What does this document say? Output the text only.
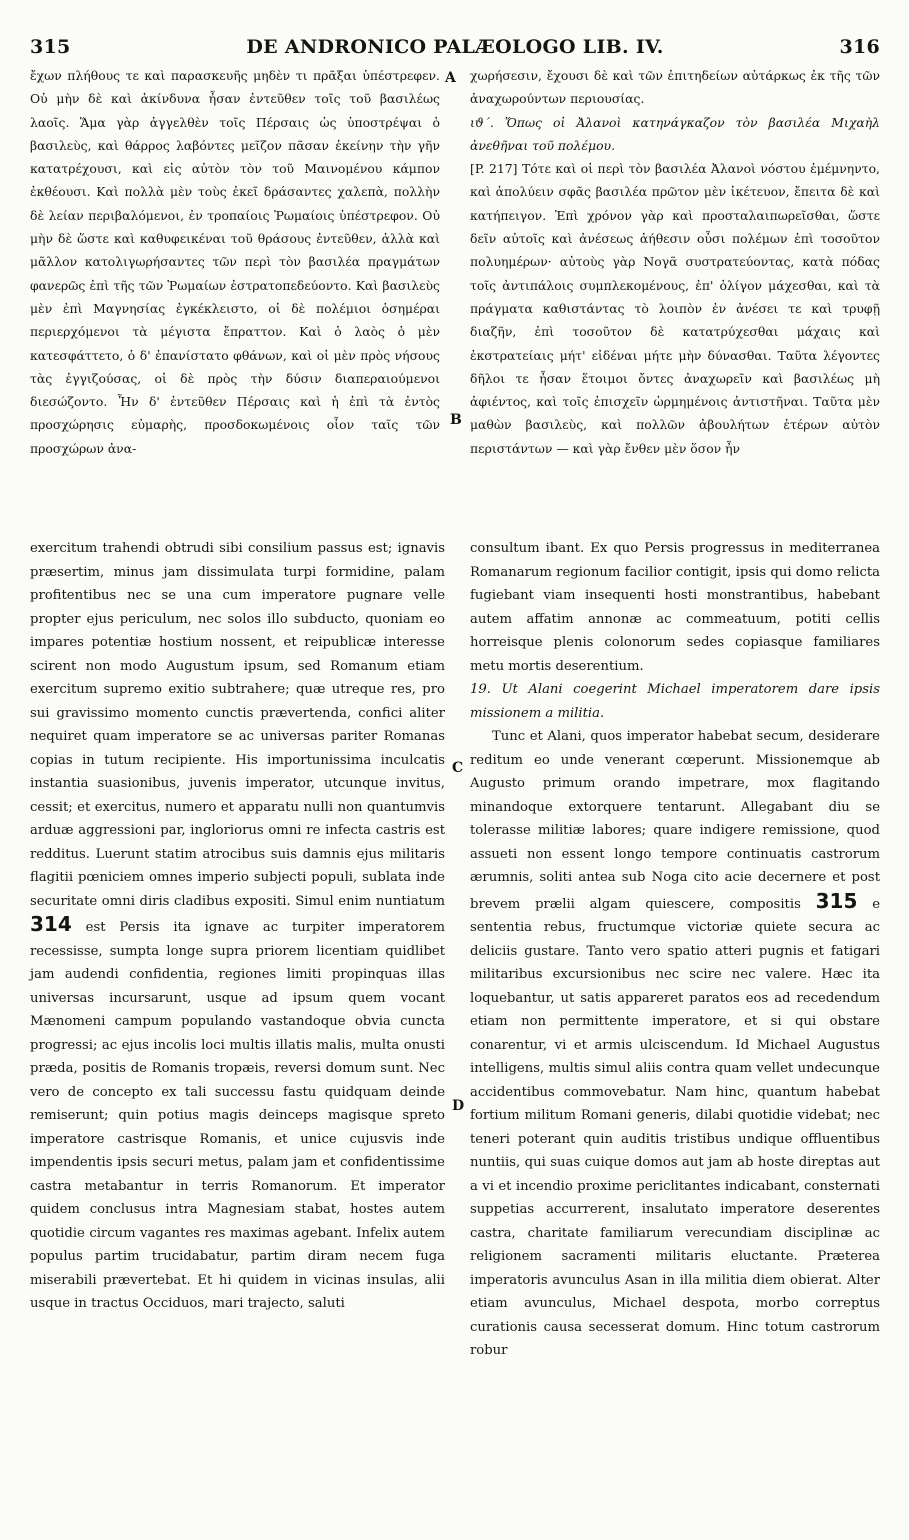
315	DE ANDRONICO PALÆOLOGO LIB. IV.	316

ἔχων πλήθους τε καὶ παρασκευῆς μηδὲν τι πρᾶξαι ὑπέστρεφεν. Οὐ μὴν δὲ καὶ ἀκίνδυνα ἦσαν ἐντεῦθεν τοῖς τοῦ βασιλέως λαοῖς. Ἅμα γὰρ ἀγγελθὲν τοῖς Πέρσαις ὡς ὑποστρέψαι ὁ βασιλεὺς, καὶ θάρρος λαβόντες μεῖζον πᾶσαν ἐκείνην τὴν γῆν κατατρέχουσι, καὶ εἰς αὐτὸν τὸν τοῦ Μαινομένου κάμπον ἐκθέουσι. Καὶ πολλὰ μὲν τοὺς ἐκεῖ δράσαντες χαλεπὰ, πολλὴν δὲ λείαν περιβαλόμενοι, ἐν τροπαίοις Ῥωμαίοις ὑπέστρεφον. Οὐ μὴν δὲ ὥστε καὶ καθυφεικέναι τοῦ θράσους ἐντεῦθεν, ἀλλὰ καὶ μᾶλλον κατολιγωρήσαντες τῶν περὶ τὸν βασιλέα πραγμάτων φανερῶς ἐπὶ τῆς τῶν Ῥωμαίων ἐστρατοπεδεύοντο. Καὶ βασιλεὺς μὲν ἐπὶ Μαγνησίας ἐγκέκλειστο, οἱ δὲ πολέμιοι ὁσημέραι περιερχόμενοι τὰ μέγιστα ἔπραττον. Καὶ ὁ λαὸς ὁ μὲν κατεσφάττετο, ὁ δ' ἐπανίστατο φθάνων, καὶ οἱ μὲν πρὸς νήσους τὰς ἐγγιζούσας, οἱ δὲ πρὸς τὴν δύσιν διαπεραιούμενοι διεσώζοντο. Ἦν δ' ἐντεῦθεν Πέρσαις καὶ ἡ ἐπὶ τὰ ἐντὸς προσχώρησις εὐμαρὴς, προσδοκωμένοις οἷον ταῖς τῶν προσχώρων ἀνα-

χωρήσεσιν, ἔχουσι δὲ καὶ τῶν ἐπιτηδείων αὐτάρκως ἐκ τῆς τῶν ἀναχωρούντων περιουσίας.

ιϑ΄. Ὅπως οἱ Ἀλανοὶ κατηνάγκαζον τὸν βασιλέα Μιχαὴλ ἀνεθῆναι τοῦ πολέμου.

[P. 217] Τότε καὶ οἱ περὶ τὸν βασιλέα Ἀλανοὶ νόστου ἐμέμνηντο, καὶ ἀπολύειν σφᾶς βασιλέα πρῶτον μὲν ἱκέτευον, ἔπειτα δὲ καὶ κατήπειγον. Ἐπὶ χρόνον γὰρ καὶ προσταλαιπωρεῖσθαι, ὥστε δεῖν αὐτοῖς καὶ ἀνέσεως ἀήθεσιν οὖσι πολέμων ἐπὶ τοσοῦτον πολυημέρων· αὐτοὺς γὰρ Νογᾶ συστρατεύοντας, κατὰ πόδας τοῖς ἀντιπάλοις συμπλεκομένους, ἐπ' ὀλίγον μάχεσθαι, καὶ τὰ πράγματα καθιστάντας τὸ λοιπὸν ἐν ἀνέσει τε καὶ τρυφῇ διαζῆν, ἐπὶ τοσοῦτον δὲ κατατρύχεσθαι μάχαις καὶ ἐκστρατείαις μήτ' εἰδέναι μήτε μὴν δύνασθαι. Ταῦτα λέγοντες δῆλοι τε ἦσαν ἕτοιμοι ὄντες ἀναχωρεῖν καὶ βασιλέως μὴ ἀφιέντος, καὶ τοῖς ἐπισχεῖν ὡρμημένοις ἀντιστῆναι. Ταῦτα μὲν μαθὼν βασιλεὺς, καὶ πολλῶν ἀβουλήτων ἑτέρων αὐτὸν περιστάντων — καὶ γὰρ ἔνθεν μὲν ὅσον ἦν

exercitum trahendi obtrudi sibi consilium passus est; ignavis præsertim, minus jam dissimulata turpi formidine, palam profitentibus nec se una cum imperatore pugnare velle propter ejus periculum, nec solos illo subducto, quoniam eo impares potentiæ hostium nossent, et reipublicæ interesse scirent non modo Augustum ipsum, sed Romanum etiam exercitum supremo exitio subtrahere; quæ utreque res, pro sui gravissimo momento cunctis prævertenda, confici aliter nequiret quam imperatore se ac universas pariter Romanas copias in tutum recipiente. His importunissima inculcatis instantia suasionibus, juvenis imperator, utcunque invitus, cessit; et exercitus, numero et apparatu nulli non quantumvis arduæ aggressioni par, ingloriorus omni re infecta castris est redditus. Luerunt statim atrocibus suis damnis ejus militaris flagitii pœniciem omnes imperio subjecti populi, sublata inde securitate omni diris cladibus expositi. Simul enim nuntiatum 314 est Persis ita ignave ac turpiter imperatorem recessisse, sumpta longe supra priorem licentiam quidlibet jam audendi confidentia, regiones limiti propinquas illas universas incursarunt, usque ad ipsum quem vocant Mænomeni campum populando vastandoque obvia cuncta progressi; ac ejus incolis loci multis illatis malis, multa onusti præda, positis de Romanis tropæis, reversi domum sunt. Nec vero de concepto ex tali successu fastu quidquam deinde remiserunt; quin potius magis deinceps magisque spreto imperatore castrisque Romanis, et unice cujusvis inde impendentis ipsis securi metus, palam jam et confidentissime castra metabantur in terris Romanorum. Et imperator quidem conclusus intra Magnesiam stabat, hostes autem quotidie circum vagantes res maximas agebant. Infelix autem populus partim trucidabatur, partim diram necem fuga miserabili prævertebat. Et hi quidem in vicinas insulas, alii usque in tractus Occiduos, mari trajecto, saluti

consultum ibant. Ex quo Persis progressus in mediterranea Romanarum regionum facilior contigit, ipsis qui domo relicta fugiebant viam insequenti hosti monstrantibus, habebant autem affatim annonæ ac commeatuum, potiti cellis horreisque plenis colonorum sedes copiasque familiares metu mortis deserentium.

19. Ut Alani coegerint Michael imperatorem dare ipsis missionem a militia.

Tunc et Alani, quos imperator habebat secum, desiderare reditum eo unde venerant cœperunt. Missionemque ab Augusto primum orando impetrare, mox flagitando minandoque extorquere tentarunt. Allegabant diu se tolerasse militiæ labores; quare indigere remissione, quod assueti non essent longo tempore continuatis castrorum ærumnis, soliti antea sub Noga cito acie decernere et post brevem prælii algam quiescere, compositis 315 e sententia rebus, fructumque victoriæ quiete secura ac deliciis gustare. Tanto vero spatio atteri pugnis et fatigari militaribus excursionibus nec scire nec valere. Hæc ita loquebantur, ut satis appareret paratos eos ad recedendum etiam non permittente imperatore, et si qui obstare conarentur, vi et armis ulciscendum. Id Michael Augustus intelligens, multis simul aliis contra quam vellet undecunque accidentibus commovebatur. Nam hinc, quantum habebat fortium militum Romani generis, dilabi quotidie videbat; nec teneri poterant quin auditis tristibus undique offluentibus nuntiis, qui suas cuique domos aut jam ab hoste direptas aut a vi et incendio proxime periclitantes indicabant, consternati suppetias accurrerent, insalutato imperatore deserentes castra, charitate familiarum verecundiam disciplinæ ac religionem sacramenti militaris eluctante. Præterea imperatoris avunculus Asan in illa militia diem obierat. Alter etiam avunculus, Michael despota, morbo correptus curationis causa secesserat domum. Hinc totum castrorum robur

A
B
C
D
